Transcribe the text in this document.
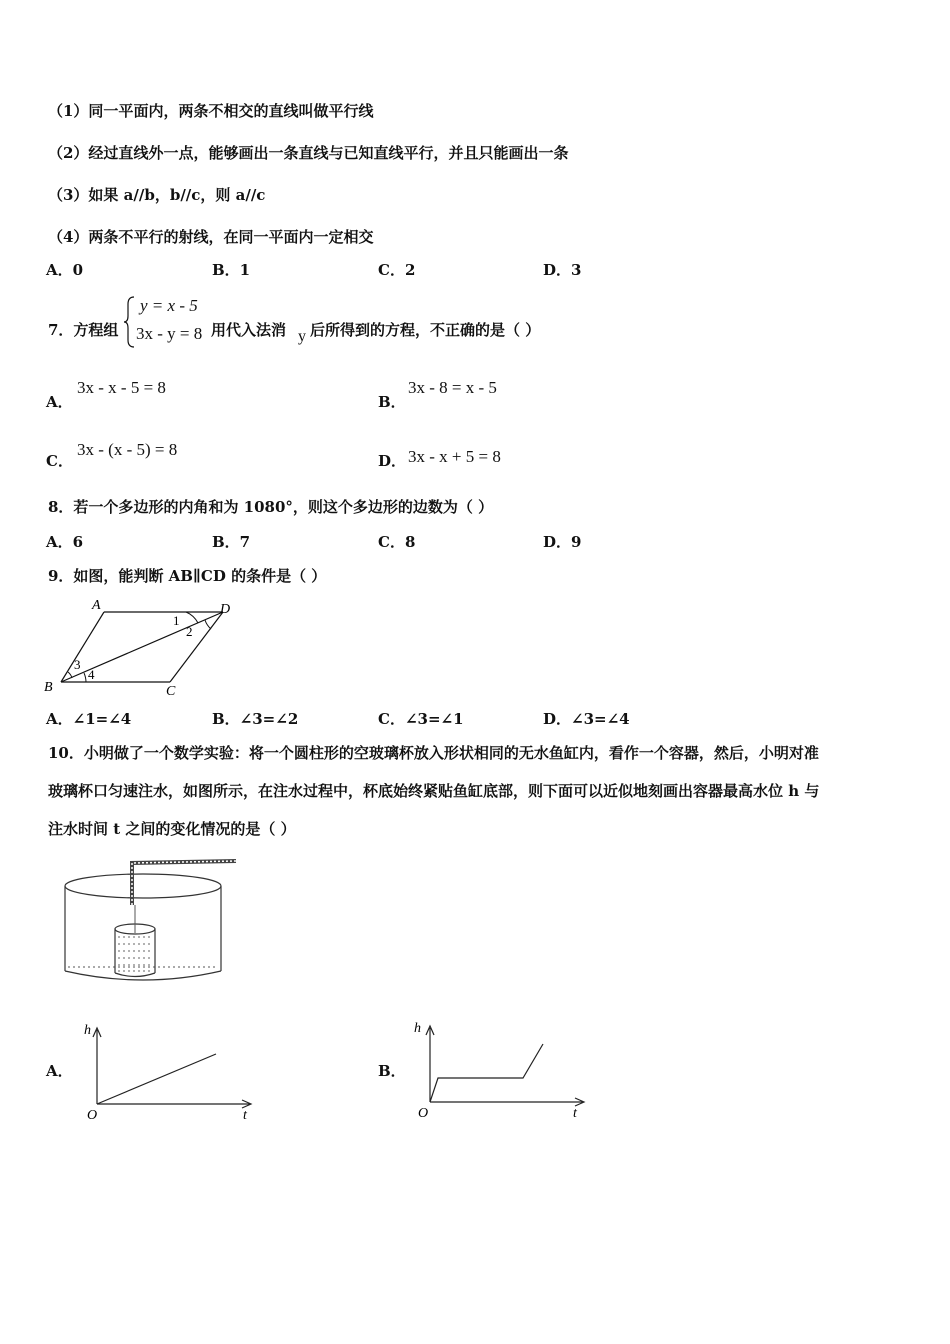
（1）同一平面内，两条不相交的直线叫做平行线
（2）经过直线外一点，能够画出一条直线与已知直线平行，并且只能画出一条
（3）如果 a//b，b//c，则 a//c
（4）两条不平行的射线，在同一平面内一定相交
A．0	B．1	C．2	D．3
7．方程组
y = x - 5
3x - y = 8 用代入法消 y 后所得到的方程，不正确的是（ ）
A．
3x - x - 5 = 8
B．
3x - 8 = x - 5
C．
3x - (x - 5) = 8
D． 3x - x + 5 = 8
8．若一个多边形的内角和为 1080°，则这个多边形的边数为（ ）
A．6	B．7	C．8	D．9
9．如图，能判断 AB∥CD 的条件是（ ）
A	D
B	C
1
2
3
4
A．∠1=∠4	B．∠3=∠2	C．∠3=∠1	D．∠3=∠4
10．小明做了一个数学实验：将一个圆柱形的空玻璃杯放入形状相同的无水鱼缸内，看作一个容器，然后，小明对准
玻璃杯口匀速注水，如图所示，在注水过程中，杯底始终紧贴鱼缸底部，则下面可以近似地刻画出容器最高水位 h 与
注水时间 t 之间的变化情况的是（ ）
A．
h
O	t
B．
h
O	t
